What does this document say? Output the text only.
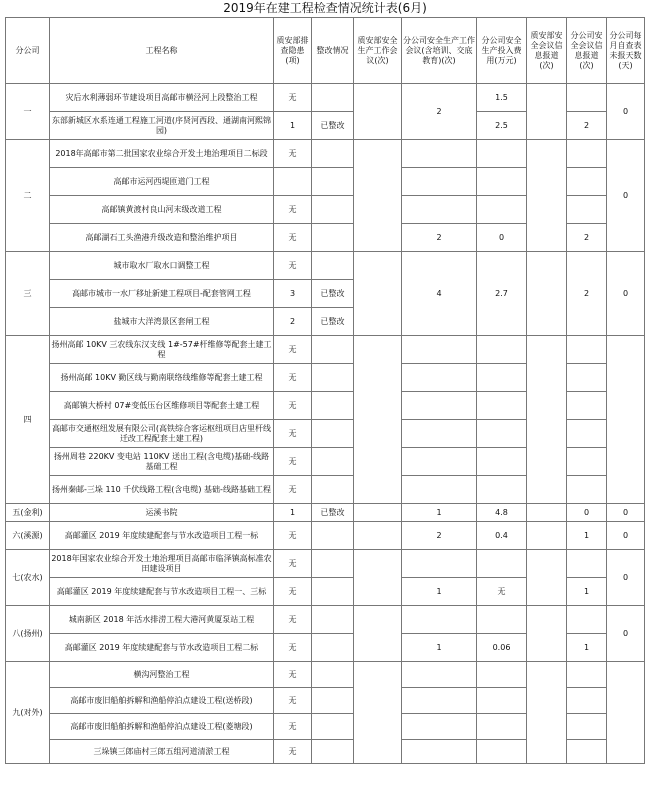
2019年在建工程检查情况统计表(6月)
分公司	工程名称	质安部排查隐患(项)	整改情况	质安部安全生产工作会议(次)	分公司安全生产工作会议(含培训、交底教育)(次)	分公司安全生产投入费用(万元)	质安部安全会议信息报道(次)	分公司安全会议信息报道(次)	分公司每月自查表未报天数(天)
一	灾后水利薄弱环节建设项目高邮市横泾河上段整治工程	无			2	1.5			0
	东部新城区水系连通工程施工河道(序贤河西段、通湖南河熙锦园)	1	已整改			2.5		2	
二	2018年高邮市第二批国家农业综合开发土地治理项目二标段	无							0
	高邮市运河西堤匝道门工程								
	高邮镇黄渡村良山河末级改道工程	无							
	高邮湖石工头渔港升级改造和整治维护项目	无			2	0		2	
三	城市取水厂取水口调整工程	无			4	2.7		2	0
	高邮市城市一水厂移址新建工程项目-配套管网工程	3	已整改						
	盐城市大洋湾景区套闸工程	2	已整改						
四	扬州高邮 10KV 三农线东汉支线 1#-57#杆维修等配套土建工程	无							
	扬州高邮 10KV 勤区线与勤南联络线维修等配套土建工程	无							
	高邮镇大桥村 07#变低压台区维修项目等配套土建工程	无							
	高邮市交通枢纽发展有限公司(高铁综合客运枢纽项目店里杆线迁改工程配套土建工程)	无							
	扬州周巷 220KV 变电站 110KV 送出工程(含电缆)基础-线路基础工程	无							
	扬州秦邮-三垛 110 千伏线路工程(含电缆) 基础-线路基础工程	无							
五(金利)	运溪书院	1	已整改		1	4.8		0	0
六(溪源)	高邮灌区 2019 年度续建配套与节水改造项目工程一标	无			2	0.4		1	0
七(农水)	2018年国家农业综合开发土地治理项目高邮市临泽镇高标准农田建设项目	无							0
	高邮灌区 2019 年度续建配套与节水改造项目工程一、三标	无			1	无		1	
八(扬州)	城南新区 2018 年活水排涝工程大港河黄厦泵站工程	无							0
	高邮灌区 2019 年度续建配套与节水改造项目工程二标	无			1	0.06		1	
九(对外)	横沟河整治工程	无							
	高邮市废旧船舶拆解和渔船停泊点建设工程(送桥段)	无							
	高邮市废旧船舶拆解和渔船停泊点建设工程(菱塘段)	无							
	三垛镇三郎庙村三郎五组河道清淤工程	无							
